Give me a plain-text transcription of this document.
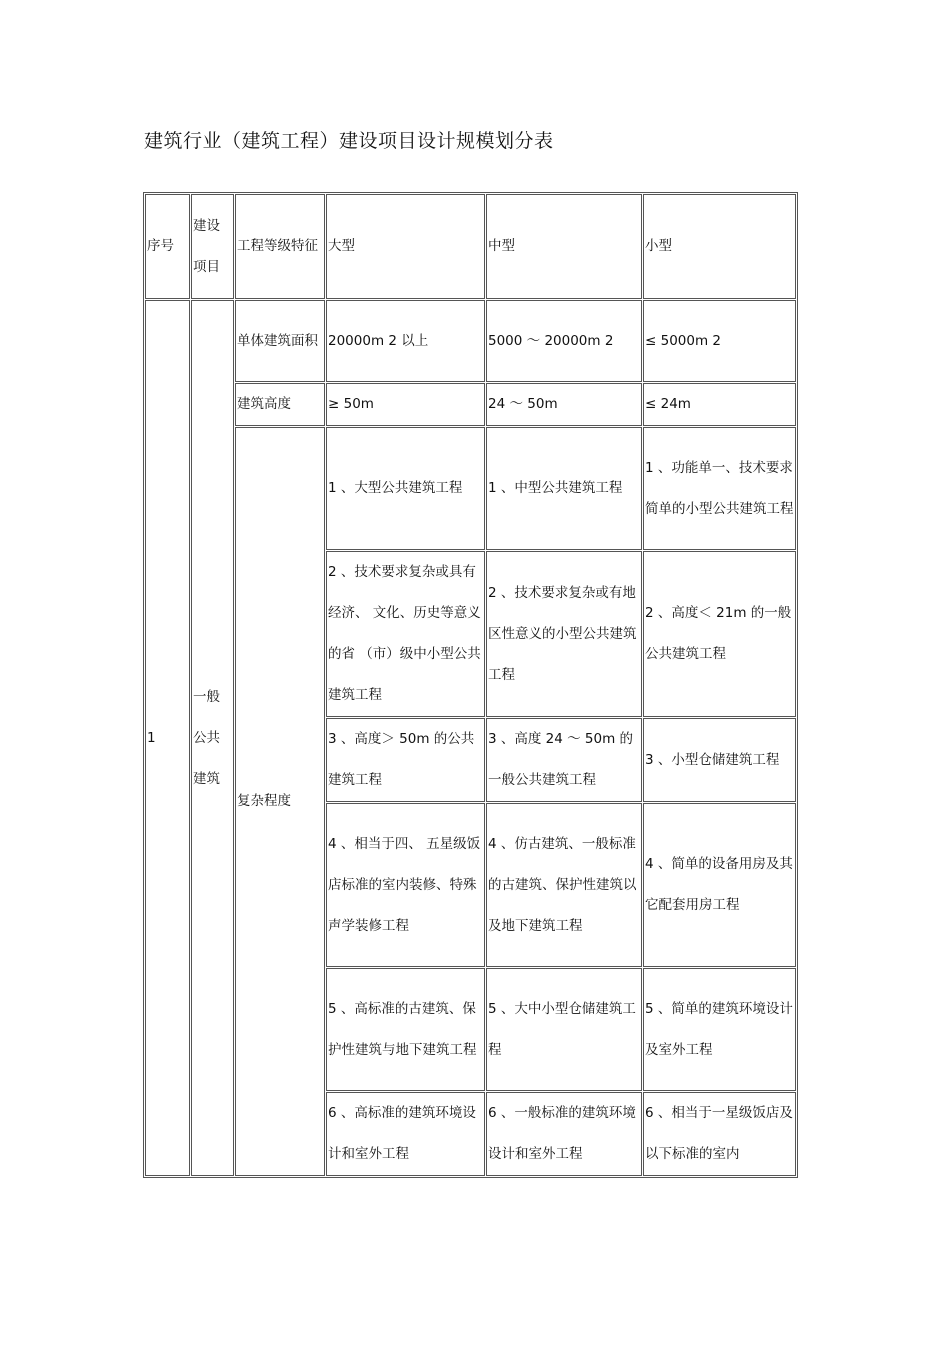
建筑行业（建筑工程）建设项目设计规模划分表
序号	建设项目	工程等级特征	大型	中型	小型
1	一般公共建筑	单体建筑面积	20000m 2 以上	5000 ～ 20000m 2	≤ 5000m 2
		建筑高度	≥ 50m	24 ～ 50m	≤ 24m
		复杂程度	1 、大型公共建筑工程	1 、中型公共建筑工程	1 、功能单一、技术要求简单的小型公共建筑工程
			2 、技术要求复杂或具有经济、 文化、历史等意义的省 （市）级中小型公共建筑工程	2 、技术要求复杂或有地区性意义的小型公共建筑工程	2 、高度＜ 21m 的一般公共建筑工程
			3 、高度＞ 50m 的公共建筑工程	3 、高度 24 ～ 50m 的一般公共建筑工程	3 、小型仓储建筑工程
			4 、相当于四、 五星级饭店标准的室内装修、特殊声学装修工程	4 、仿古建筑、一般标准的古建筑、保护性建筑以及地下建筑工程	4 、简单的设备用房及其它配套用房工程
			5 、高标准的古建筑、保护性建筑与地下建筑工程	5 、大中小型仓储建筑工程	5 、简单的建筑环境设计及室外工程
			6 、高标准的建筑环境设计和室外工程	6 、一般标准的建筑环境设计和室外工程	6 、相当于一星级饭店及以下标准的室内
